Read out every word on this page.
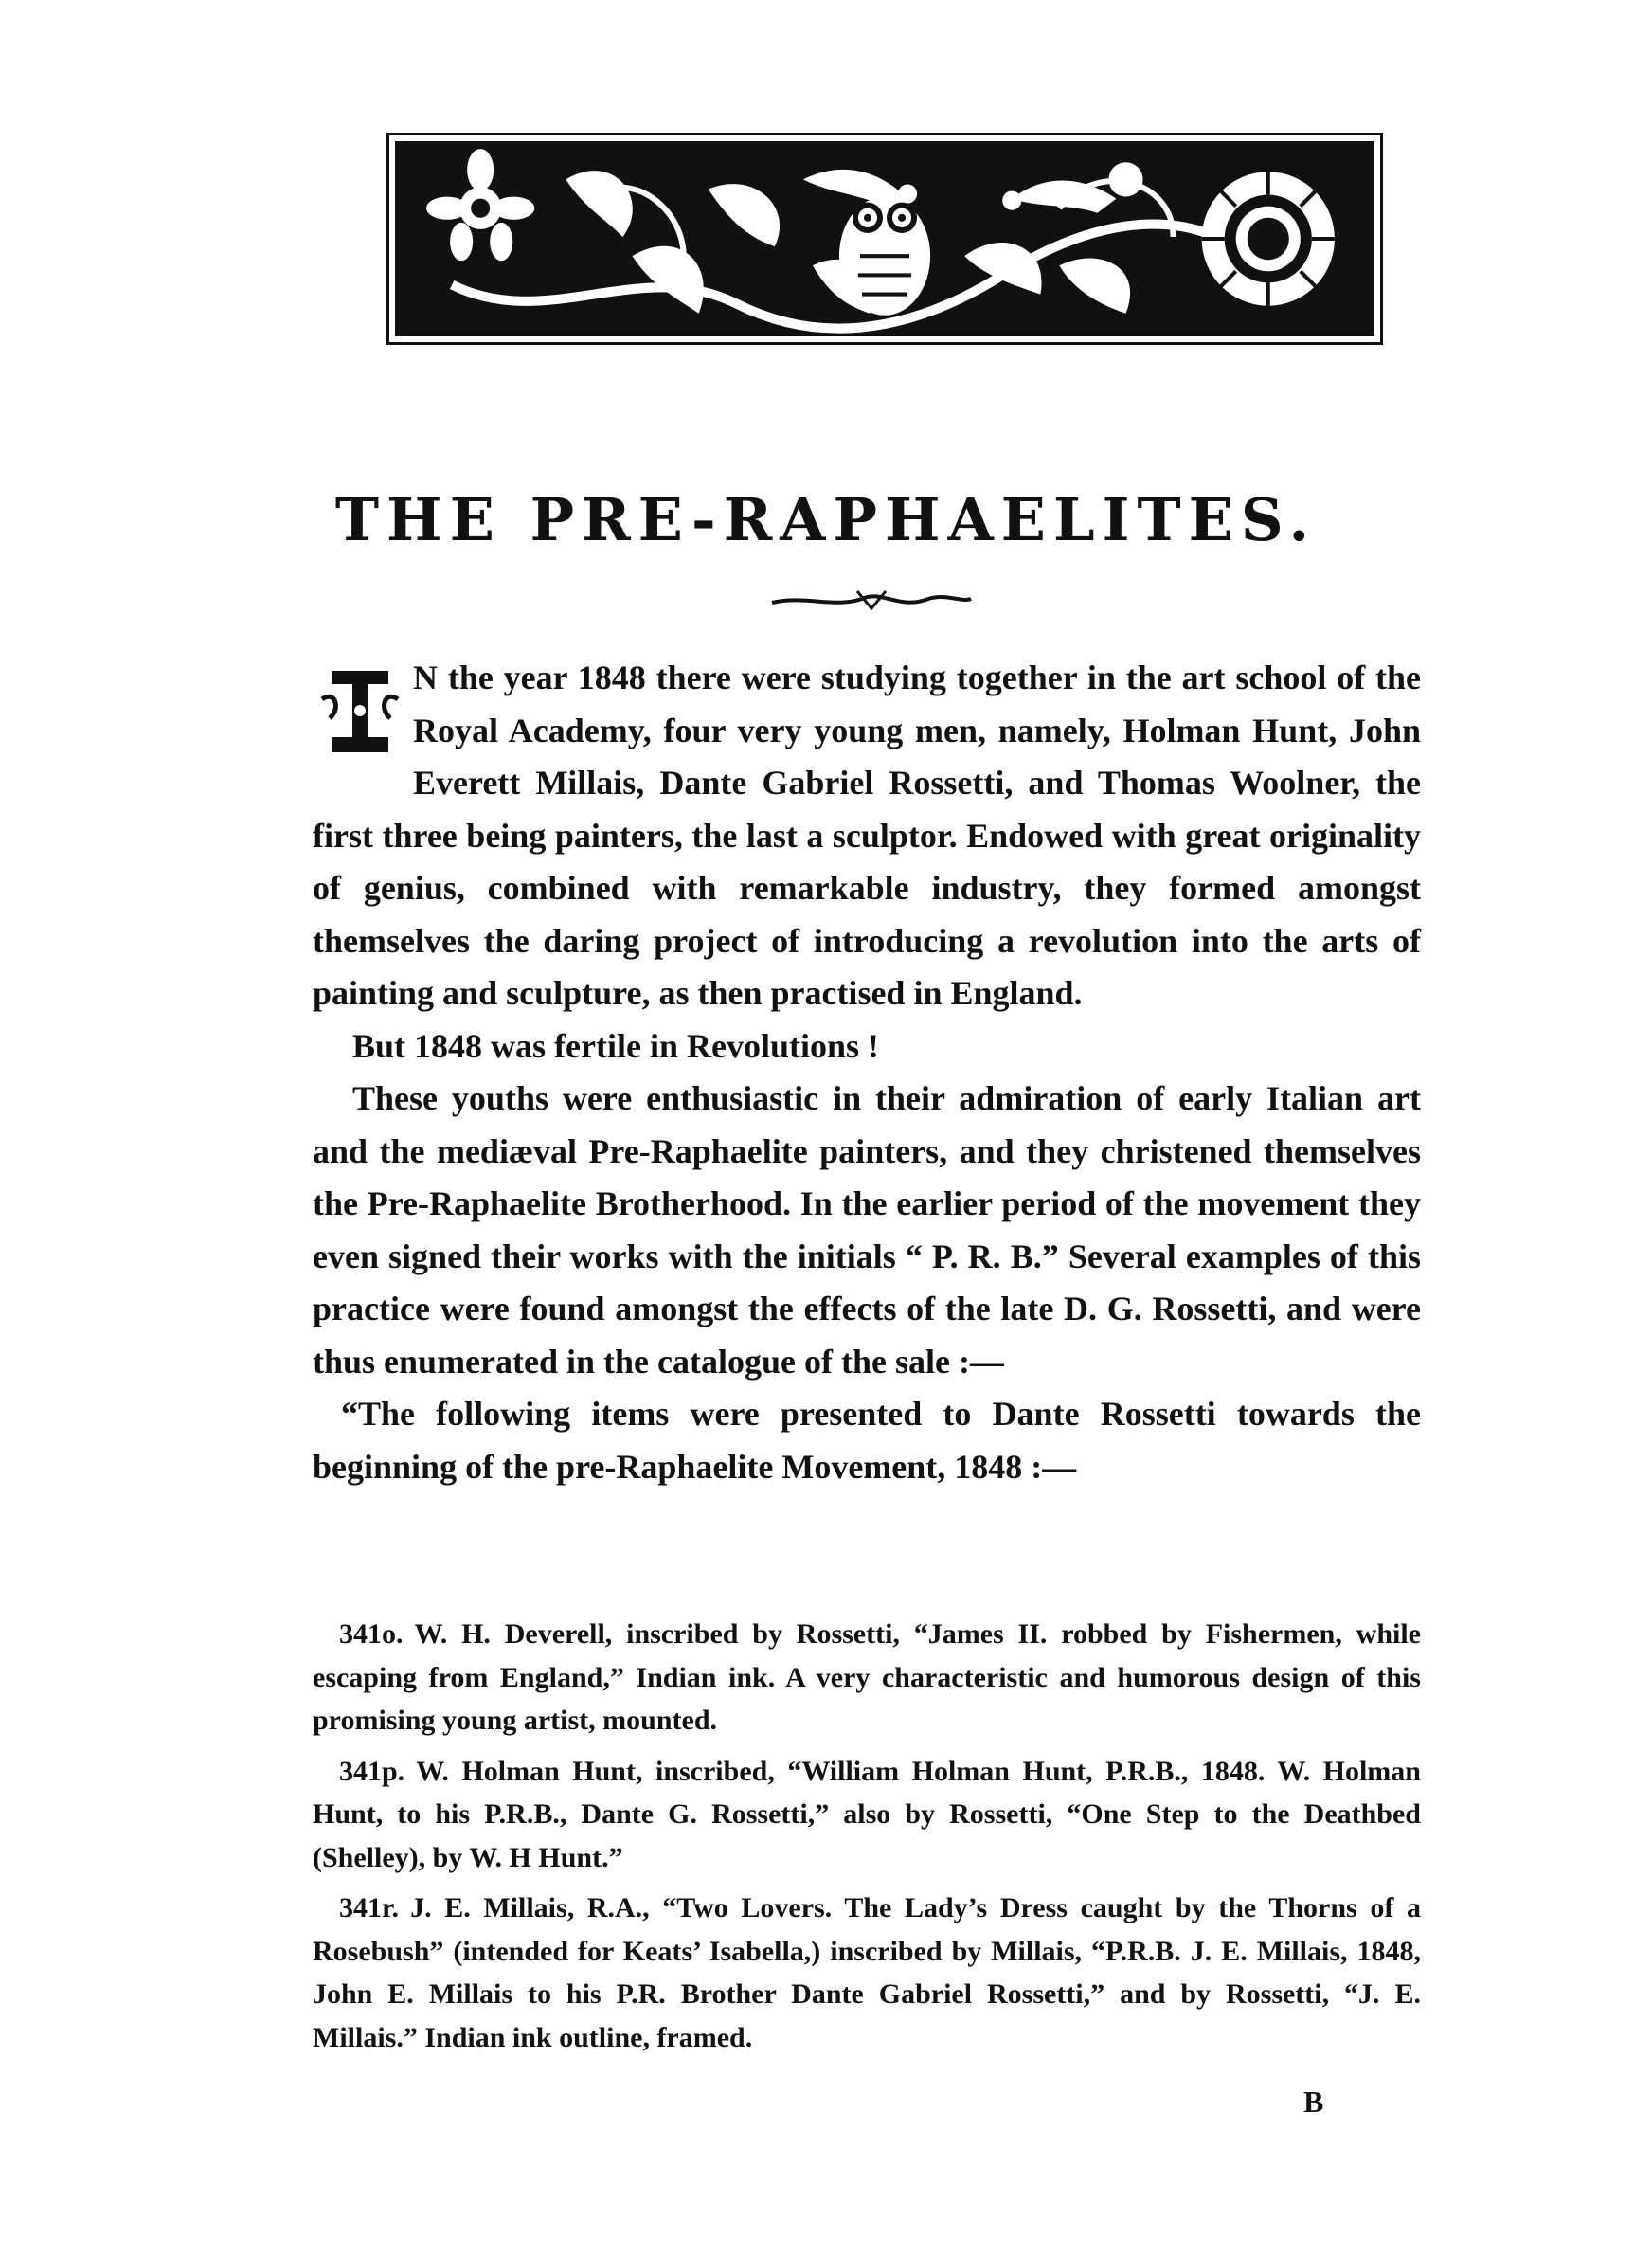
THE PRE-RAPHAELITES.

N the year 1848 there were studying together in the art school of the Royal Academy, four very young men, namely, Holman Hunt, John Everett Millais, Dante Gabriel Rossetti, and Thomas Woolner, the first three being painters, the last a sculptor. Endowed with great originality of genius, combined with remarkable industry, they formed amongst themselves the daring project of introducing a revolution into the arts of painting and sculpture, as then practised in England.

But 1848 was fertile in Revolutions !

These youths were enthusiastic in their admiration of early Italian art and the mediæval Pre-Raphaelite painters, and they christened themselves the Pre-Raphaelite Brotherhood. In the earlier period of the movement they even signed their works with the initials “ P. R. B.” Several examples of this practice were found amongst the effects of the late D. G. Rossetti, and were thus enumerated in the catalogue of the sale :—

“The following items were presented to Dante Rossetti towards the beginning of the pre-Raphaelite Movement, 1848 :—

341o. W. H. Deverell, inscribed by Rossetti, “James II. robbed by Fishermen, while escaping from England,” Indian ink. A very characteristic and humorous design of this promising young artist, mounted.

341p. W. Holman Hunt, inscribed, “William Holman Hunt, P.R.B., 1848. W. Holman Hunt, to his P.R.B., Dante G. Rossetti,” also by Rossetti, “One Step to the Deathbed (Shelley), by W. H Hunt.”

341r. J. E. Millais, R.A., “Two Lovers. The Lady’s Dress caught by the Thorns of a Rosebush” (intended for Keats’ Isabella,) inscribed by Millais, “P.R.B. J. E. Millais, 1848, John E. Millais to his P.R. Brother Dante Gabriel Rossetti,” and by Rossetti, “J. E. Millais.” Indian ink outline, framed.

B
